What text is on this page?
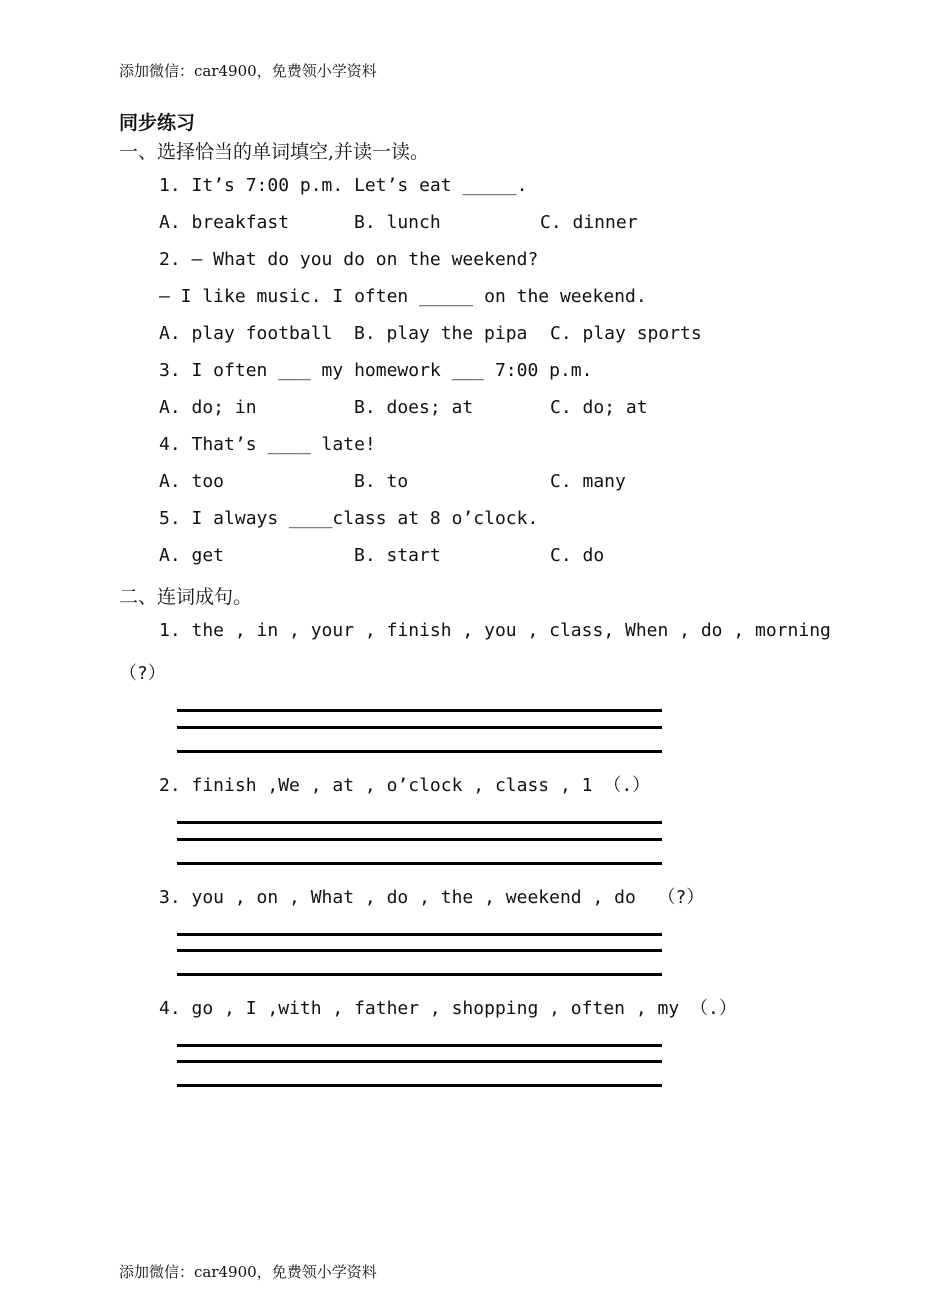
添加微信：car4900，免费领小学资料
同步练习
一、选择恰当的单词填空,并读一读。
1. It’s 7:00 p.m. Let’s eat _____.
A. breakfast	B. lunch	C. dinner
2. — What do you do on the weekend?
— I like music. I often _____ on the weekend.
A. play football B. play the pipa C. play sports
3. I often ___ my homework ___ 7:00 p.m.
A. do; in	B. does; at	C. do; at
4. That’s ____ late!
A. too	B. to	C. many
5. I always ____class at 8 o’clock.
A. get	B. start	C. do
二、连词成句。
1. the , in , your , finish , you , class, When , do , morning
（?）
2. finish ,We , at , o’clock , class , 1 （.）
3. you , on , What , do , the , weekend , do  （?）
4. go , I ,with , father , shopping , often , my （.）
添加微信：car4900，免费领小学资料
